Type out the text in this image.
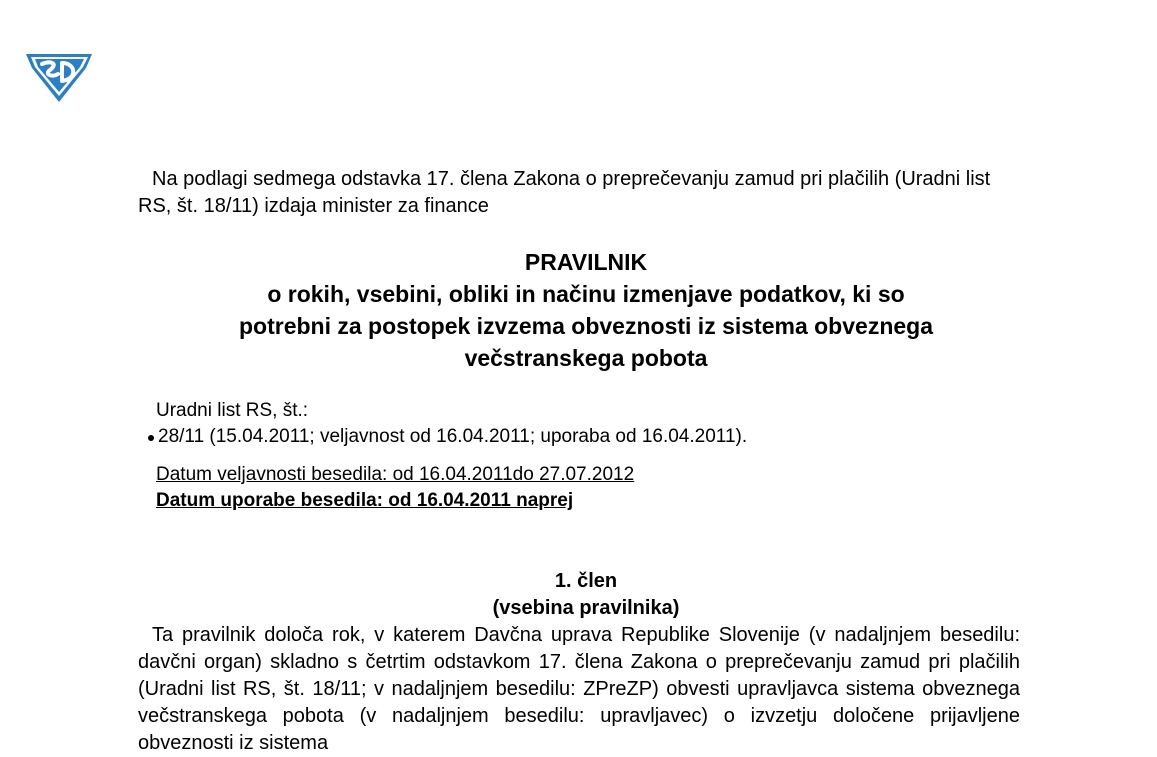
Na podlagi sedmega odstavka 17. člena Zakona o preprečevanju zamud pri plačilih (Uradni list RS, št. 18/11) izdaja minister za finance
PRAVILNIK
o rokih, vsebini, obliki in načinu izmenjave podatkov, ki so
potrebni za postopek izvzema obveznosti iz sistema obveznega
večstranskega pobota
Uradni list RS, št.:
28/11 (15.04.2011; veljavnost od 16.04.2011; uporaba od 16.04.2011).
Datum veljavnosti besedila: od 16.04.2011do 27.07.2012
Datum uporabe besedila: od 16.04.2011 naprej
1. člen
(vsebina pravilnika)
Ta pravilnik določa rok, v katerem Davčna uprava Republike Slovenije (v nadaljnjem besedilu: davčni organ) skladno s četrtim odstavkom 17. člena Zakona o preprečevanju zamud pri plačilih (Uradni list RS, št. 18/11; v nadaljnjem besedilu: ZPreZP) obvesti upravljavca sistema obveznega večstranskega pobota (v nadaljnjem besedilu: upravljavec) o izvzetju določene prijavljene obveznosti iz sistema
